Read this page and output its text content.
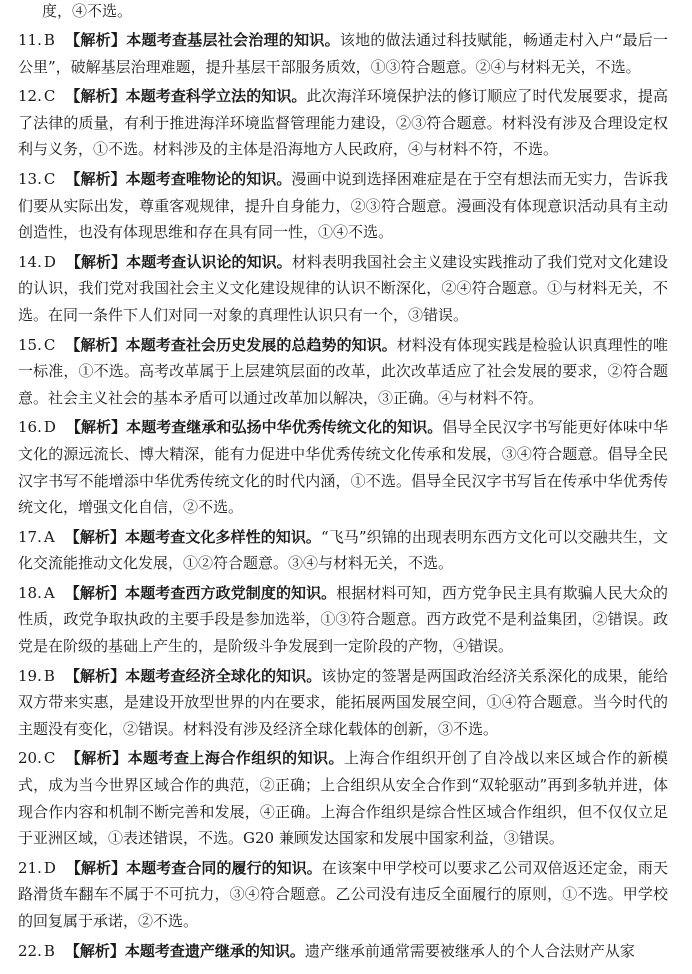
度，④不选。
11. B 【解析】本题考查基层社会治理的知识。该地的做法通过科技赋能，畅通走村入户“最后一公里”，破解基层治理难题，提升基层干部服务质效，①③符合题意。②④与材料无关，不选。
12. C 【解析】本题考查科学立法的知识。此次海洋环境保护法的修订顺应了时代发展要求，提高了法律的质量，有利于推进海洋环境监督管理能力建设，②③符合题意。材料没有涉及合理设定权利与义务，①不选。材料涉及的主体是沿海地方人民政府，④与材料不符，不选。
13. C 【解析】本题考查唯物论的知识。漫画中说到选择困难症是在于空有想法而无实力，告诉我们要从实际出发，尊重客观规律，提升自身能力，②③符合题意。漫画没有体现意识活动具有主动创造性，也没有体现思维和存在具有同一性，①④不选。
14. D 【解析】本题考查认识论的知识。材料表明我国社会主义建设实践推动了我们党对文化建设的认识，我们党对我国社会主义文化建设规律的认识不断深化，②④符合题意。①与材料无关，不选。在同一条件下人们对同一对象的真理性认识只有一个，③错误。
15. C 【解析】本题考查社会历史发展的总趋势的知识。材料没有体现实践是检验认识真理性的唯一标准，①不选。高考改革属于上层建筑层面的改革，此次改革适应了社会发展的要求，②符合题意。社会主义社会的基本矛盾可以通过改革加以解决，③正确。④与材料不符。
16. D 【解析】本题考查继承和弘扬中华优秀传统文化的知识。倡导全民汉字书写能更好体味中华文化的源远流长、博大精深，能有力促进中华优秀传统文化传承和发展，③④符合题意。倡导全民汉字书写不能增添中华优秀传统文化的时代内涵，①不选。倡导全民汉字书写旨在传承中华优秀传统文化，增强文化自信，②不选。
17. A 【解析】本题考查文化多样性的知识。“飞马”织锦的出现表明东西方文化可以交融共生，文化交流能推动文化发展，①②符合题意。③④与材料无关，不选。
18. A 【解析】本题考查西方政党制度的知识。根据材料可知，西方党争民主具有欺骗人民大众的性质，政党争取执政的主要手段是参加选举，①③符合题意。西方政党不是利益集团，②错误。政党是在阶级的基础上产生的，是阶级斗争发展到一定阶段的产物，④错误。
19. B 【解析】本题考查经济全球化的知识。该协定的签署是两国政治经济关系深化的成果，能给双方带来实惠，是建设开放型世界的内在要求，能拓展两国发展空间，①④符合题意。当今时代的主题没有变化，②错误。材料没有涉及经济全球化载体的创新，③不选。
20. C 【解析】本题考查上海合作组织的知识。上海合作组织开创了自冷战以来区域合作的新模式，成为当今世界区域合作的典范，②正确；上合组织从安全合作到“双轮驱动”再到多轨并进，体现合作内容和机制不断完善和发展，④正确。上海合作组织是综合性区域合作组织，但不仅仅立足于亚洲区域，①表述错误，不选。G20 兼顾发达国家和发展中国家利益，③错误。
21. D 【解析】本题考查合同的履行的知识。在该案中甲学校可以要求乙公司双倍返还定金，雨天路滑货车翻车不属于不可抗力，③④符合题意。乙公司没有违反全面履行的原则，①不选。甲学校的回复属于承诺，②不选。
22. B 【解析】本题考查遗产继承的知识。遗产继承前通常需要被继承人的个人合法财产从家
